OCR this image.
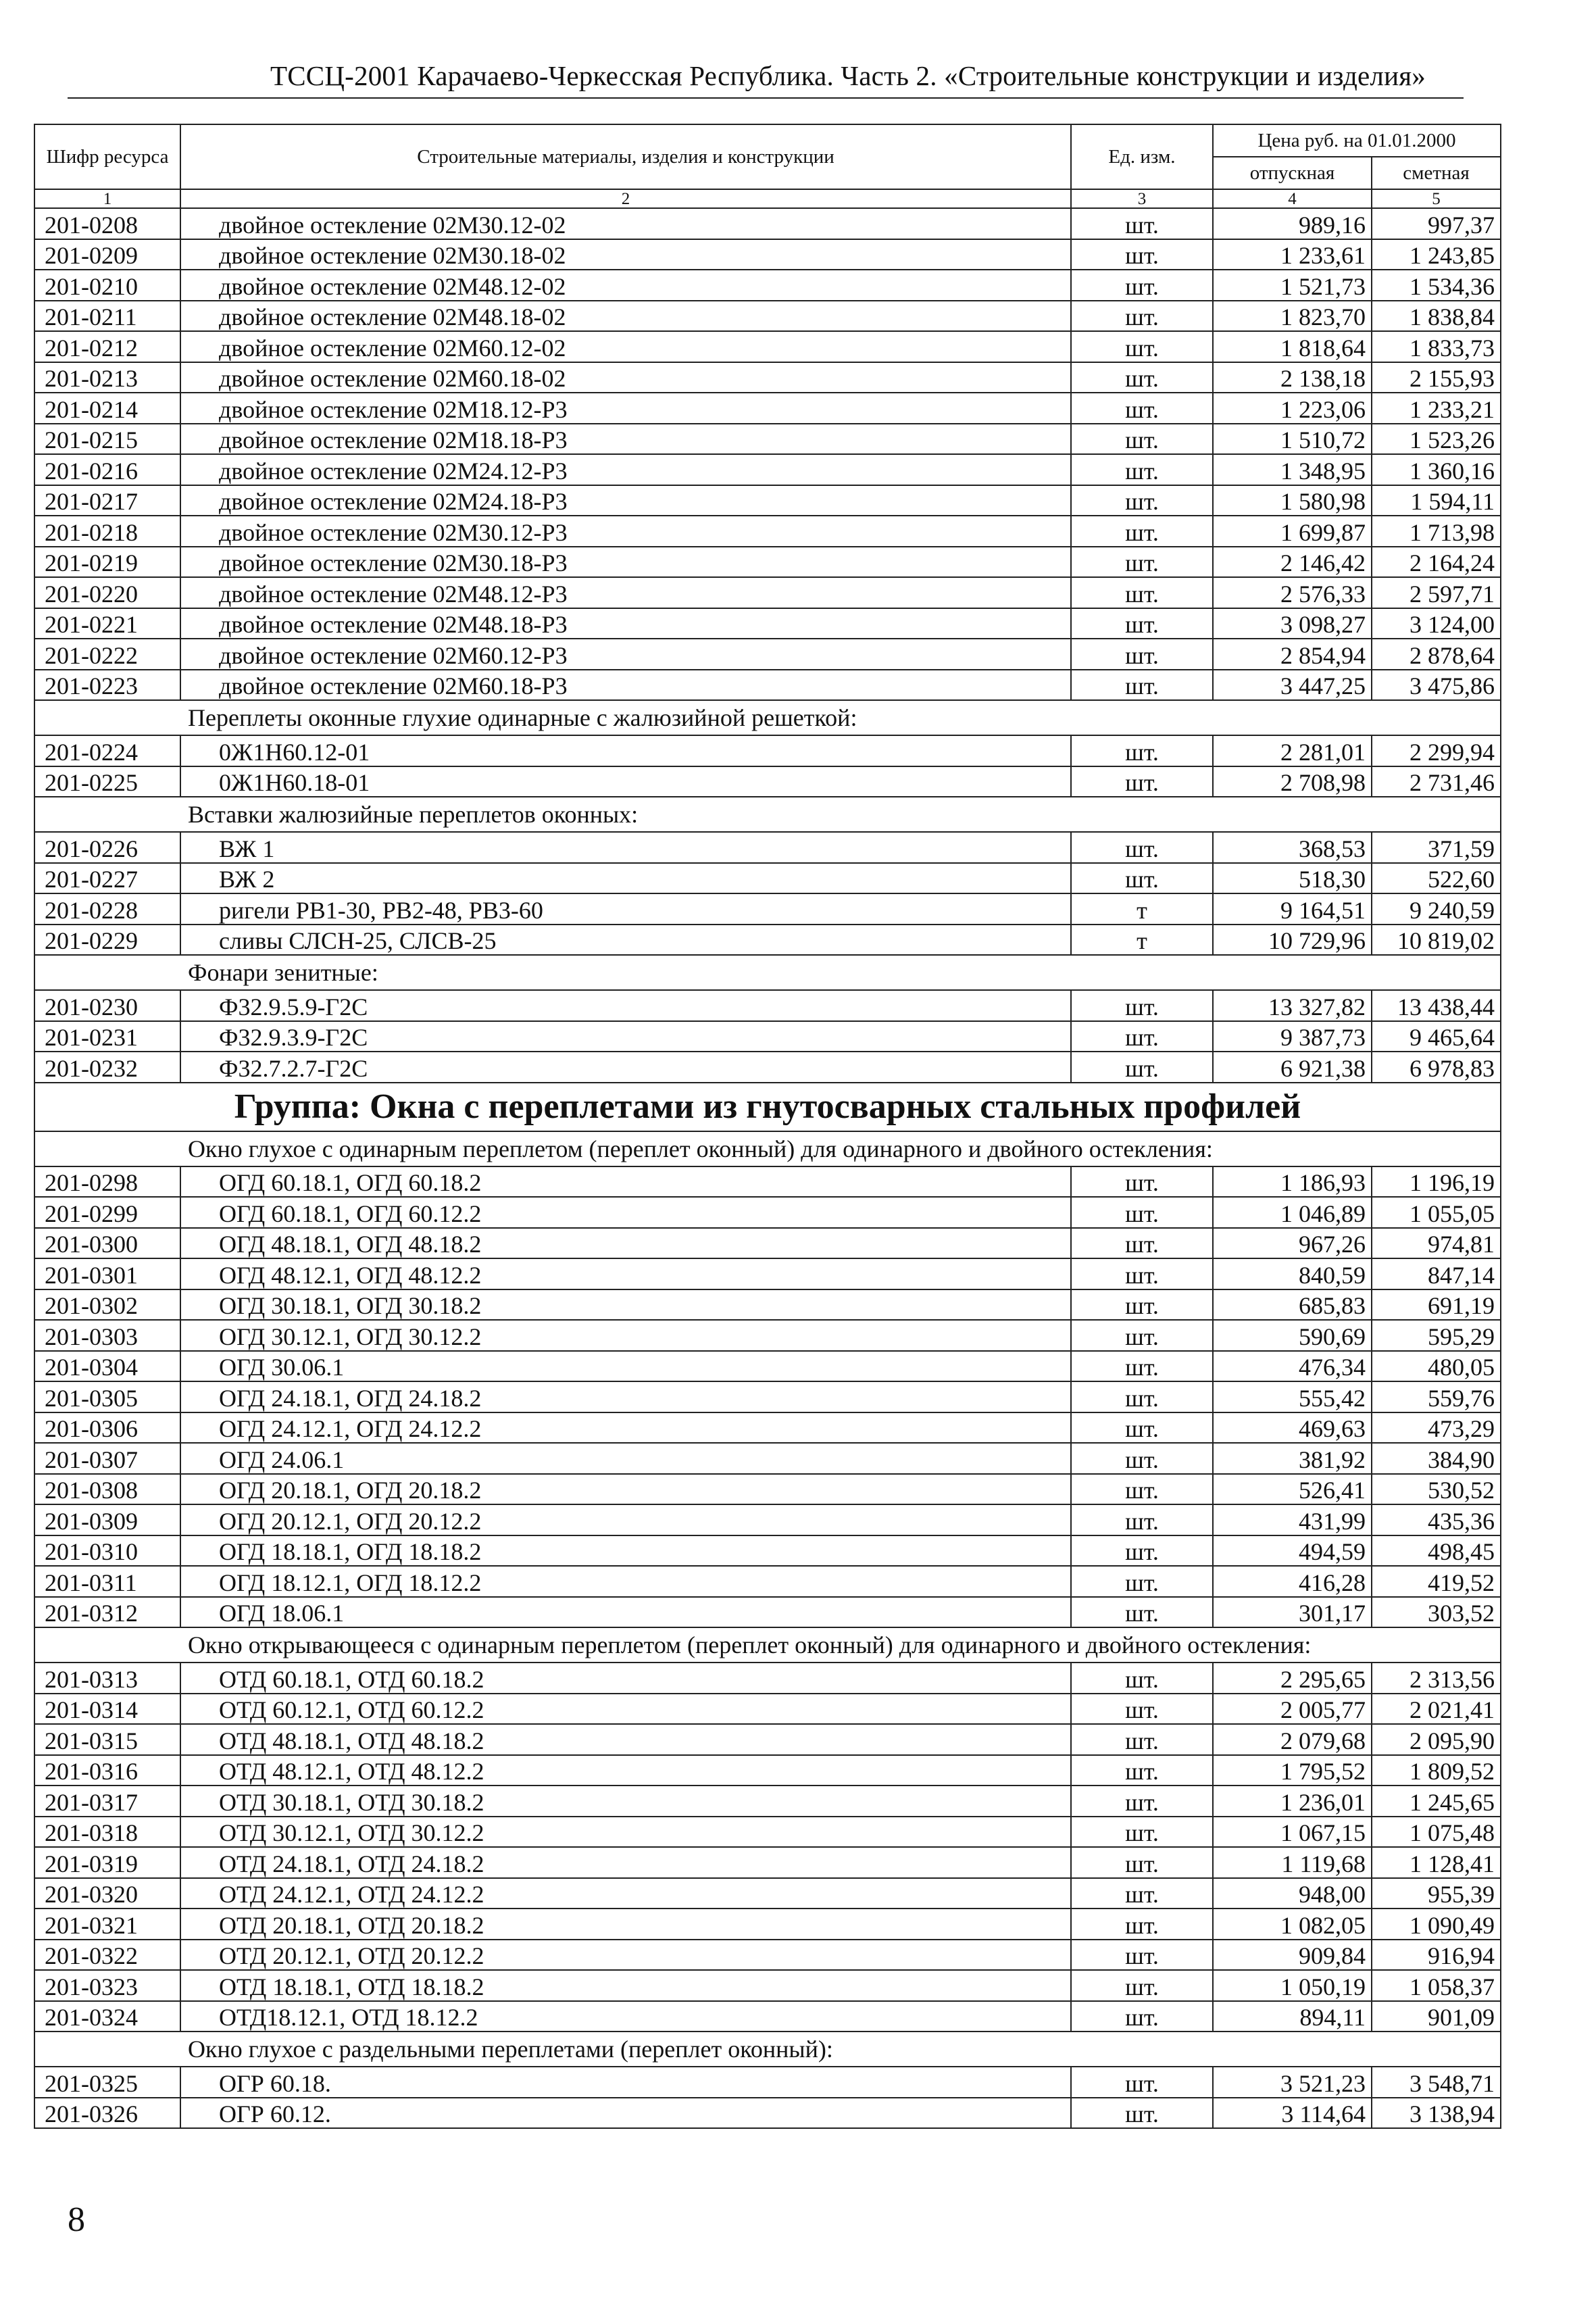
ТССЦ-2001 Карачаево-Черкесская Республика. Часть 2. «Строительные конструкции и изделия»
Шифр ресурса	Строительные материалы, изделия и конструкции	Ед. изм.	Цена руб. на 01.01.2000	
			отпускная	сметная
1	2	3	4	5
201-0208	двойное остекление 02М30.12-02	шт.	989,16	997,37
201-0209	двойное остекление 02М30.18-02	шт.	1 233,61	1 243,85
201-0210	двойное остекление 02М48.12-02	шт.	1 521,73	1 534,36
201-0211	двойное остекление 02М48.18-02	шт.	1 823,70	1 838,84
201-0212	двойное остекление 02М60.12-02	шт.	1 818,64	1 833,73
201-0213	двойное остекление 02М60.18-02	шт.	2 138,18	2 155,93
201-0214	двойное остекление 02М18.12-Р3	шт.	1 223,06	1 233,21
201-0215	двойное остекление 02М18.18-Р3	шт.	1 510,72	1 523,26
201-0216	двойное остекление 02М24.12-Р3	шт.	1 348,95	1 360,16
201-0217	двойное остекление 02М24.18-Р3	шт.	1 580,98	1 594,11
201-0218	двойное остекление 02М30.12-Р3	шт.	1 699,87	1 713,98
201-0219	двойное остекление 02М30.18-Р3	шт.	2 146,42	2 164,24
201-0220	двойное остекление 02М48.12-Р3	шт.	2 576,33	2 597,71
201-0221	двойное остекление 02М48.18-Р3	шт.	3 098,27	3 124,00
201-0222	двойное остекление 02М60.12-Р3	шт.	2 854,94	2 878,64
201-0223	двойное остекление 02М60.18-Р3	шт.	3 447,25	3 475,86
Переплеты оконные глухие одинарные с жалюзийной решеткой:				
201-0224	0Ж1Н60.12-01	шт.	2 281,01	2 299,94
201-0225	0Ж1Н60.18-01	шт.	2 708,98	2 731,46
Вставки жалюзийные переплетов оконных:				
201-0226	ВЖ 1	шт.	368,53	371,59
201-0227	ВЖ 2	шт.	518,30	522,60
201-0228	ригели РВ1-30, РВ2-48, РВ3-60	т	9 164,51	9 240,59
201-0229	сливы СЛСН-25, СЛСВ-25	т	10 729,96	10 819,02
Фонари зенитные:				
201-0230	Ф32.9.5.9-Г2С	шт.	13 327,82	13 438,44
201-0231	Ф32.9.3.9-Г2С	шт.	9 387,73	9 465,64
201-0232	Ф32.7.2.7-Г2С	шт.	6 921,38	6 978,83
Группа: Окна с переплетами из гнутосварных стальных профилей				
Окно глухое с одинарным переплетом (переплет оконный) для одинарного и двойного остекления:				
201-0298	ОГД 60.18.1, ОГД 60.18.2	шт.	1 186,93	1 196,19
201-0299	ОГД 60.18.1, ОГД 60.12.2	шт.	1 046,89	1 055,05
201-0300	ОГД 48.18.1, ОГД 48.18.2	шт.	967,26	974,81
201-0301	ОГД 48.12.1, ОГД 48.12.2	шт.	840,59	847,14
201-0302	ОГД 30.18.1, ОГД 30.18.2	шт.	685,83	691,19
201-0303	ОГД 30.12.1, ОГД 30.12.2	шт.	590,69	595,29
201-0304	ОГД 30.06.1	шт.	476,34	480,05
201-0305	ОГД 24.18.1, ОГД 24.18.2	шт.	555,42	559,76
201-0306	ОГД 24.12.1, ОГД 24.12.2	шт.	469,63	473,29
201-0307	ОГД 24.06.1	шт.	381,92	384,90
201-0308	ОГД 20.18.1, ОГД 20.18.2	шт.	526,41	530,52
201-0309	ОГД 20.12.1, ОГД 20.12.2	шт.	431,99	435,36
201-0310	ОГД 18.18.1, ОГД 18.18.2	шт.	494,59	498,45
201-0311	ОГД 18.12.1, ОГД 18.12.2	шт.	416,28	419,52
201-0312	ОГД 18.06.1	шт.	301,17	303,52
Окно открывающееся с одинарным переплетом (переплет оконный) для одинарного и двойного остекления:				
201-0313	ОТД 60.18.1, ОТД 60.18.2	шт.	2 295,65	2 313,56
201-0314	ОТД 60.12.1, ОТД 60.12.2	шт.	2 005,77	2 021,41
201-0315	ОТД 48.18.1, ОТД 48.18.2	шт.	2 079,68	2 095,90
201-0316	ОТД 48.12.1, ОТД 48.12.2	шт.	1 795,52	1 809,52
201-0317	ОТД 30.18.1, ОТД 30.18.2	шт.	1 236,01	1 245,65
201-0318	ОТД 30.12.1, ОТД 30.12.2	шт.	1 067,15	1 075,48
201-0319	ОТД 24.18.1, ОТД 24.18.2	шт.	1 119,68	1 128,41
201-0320	ОТД 24.12.1, ОТД 24.12.2	шт.	948,00	955,39
201-0321	ОТД 20.18.1, ОТД 20.18.2	шт.	1 082,05	1 090,49
201-0322	ОТД 20.12.1, ОТД 20.12.2	шт.	909,84	916,94
201-0323	ОТД 18.18.1, ОТД 18.18.2	шт.	1 050,19	1 058,37
201-0324	ОТД18.12.1, ОТД 18.12.2	шт.	894,11	901,09
Окно глухое с раздельными переплетами (переплет оконный):				
201-0325	ОГР 60.18.	шт.	3 521,23	3 548,71
201-0326	ОГР 60.12.	шт.	3 114,64	3 138,94
8
